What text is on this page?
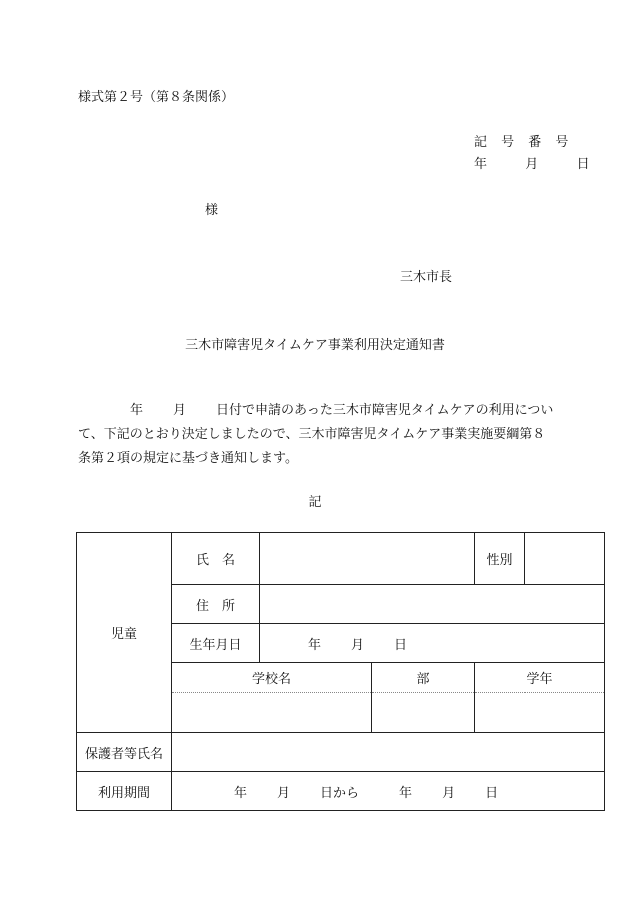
様式第２号（第８条関係）
記 号 番 号
年	月	日
様
三木市長
三木市障害児タイムケア事業利用決定通知書
年 月 日付で申請のあった三木市障害児タイムケアの利用について、下記のとおり決定しましたので、三木市障害児タイムケア事業実施要綱第８条第２項の規定に基づき通知します。
記
児童	氏　名			性別	
	住　所				
	生年月日	年 月 日			
	学校名		部	学年	

保護者等氏名					
利用期間	年 月 日から 年 月 日				
